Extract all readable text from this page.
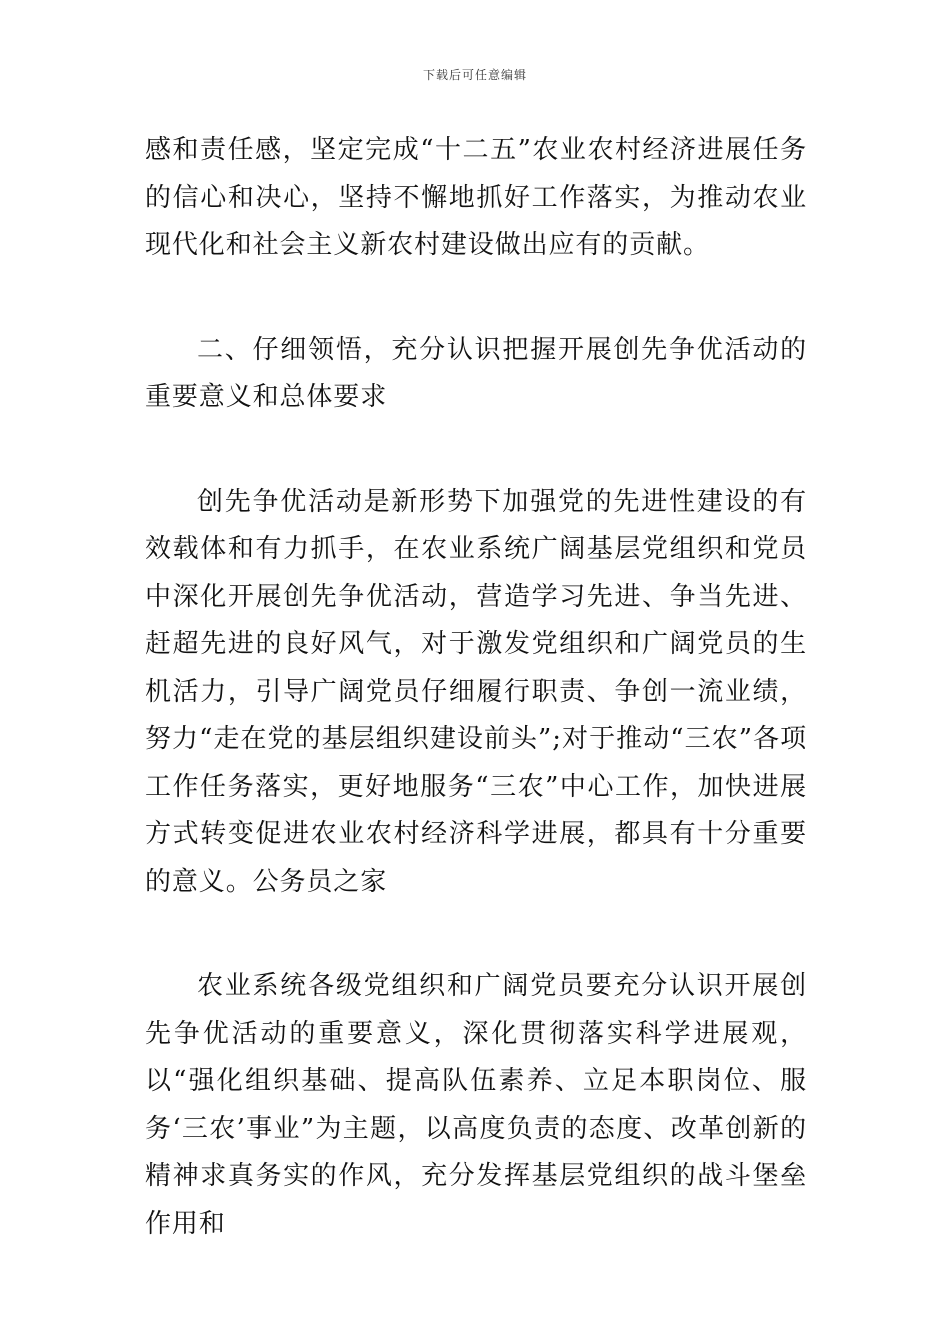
下载后可任意编辑

感和责任感，坚定完成“十二五”农业农村经济进展任务的信心和决心，坚持不懈地抓好工作落实，为推动农业现代化和社会主义新农村建设做出应有的贡献。

二、仔细领悟，充分认识把握开展创先争优活动的重要意义和总体要求

创先争优活动是新形势下加强党的先进性建设的有效载体和有力抓手，在农业系统广阔基层党组织和党员中深化开展创先争优活动，营造学习先进、争当先进、赶超先进的良好风气，对于激发党组织和广阔党员的生机活力，引导广阔党员仔细履行职责、争创一流业绩，努力“走在党的基层组织建设前头”;对于推动“三农”各项工作任务落实，更好地服务“三农”中心工作，加快进展方式转变促进农业农村经济科学进展，都具有十分重要的意义。公务员之家

农业系统各级党组织和广阔党员要充分认识开展创先争优活动的重要意义，深化贯彻落实科学进展观，以“强化组织基础、提高队伍素养、立足本职岗位、服务‘三农’事业”为主题，以高度负责的态度、改革创新的精神求真务实的作风，充分发挥基层党组织的战斗堡垒作用和
